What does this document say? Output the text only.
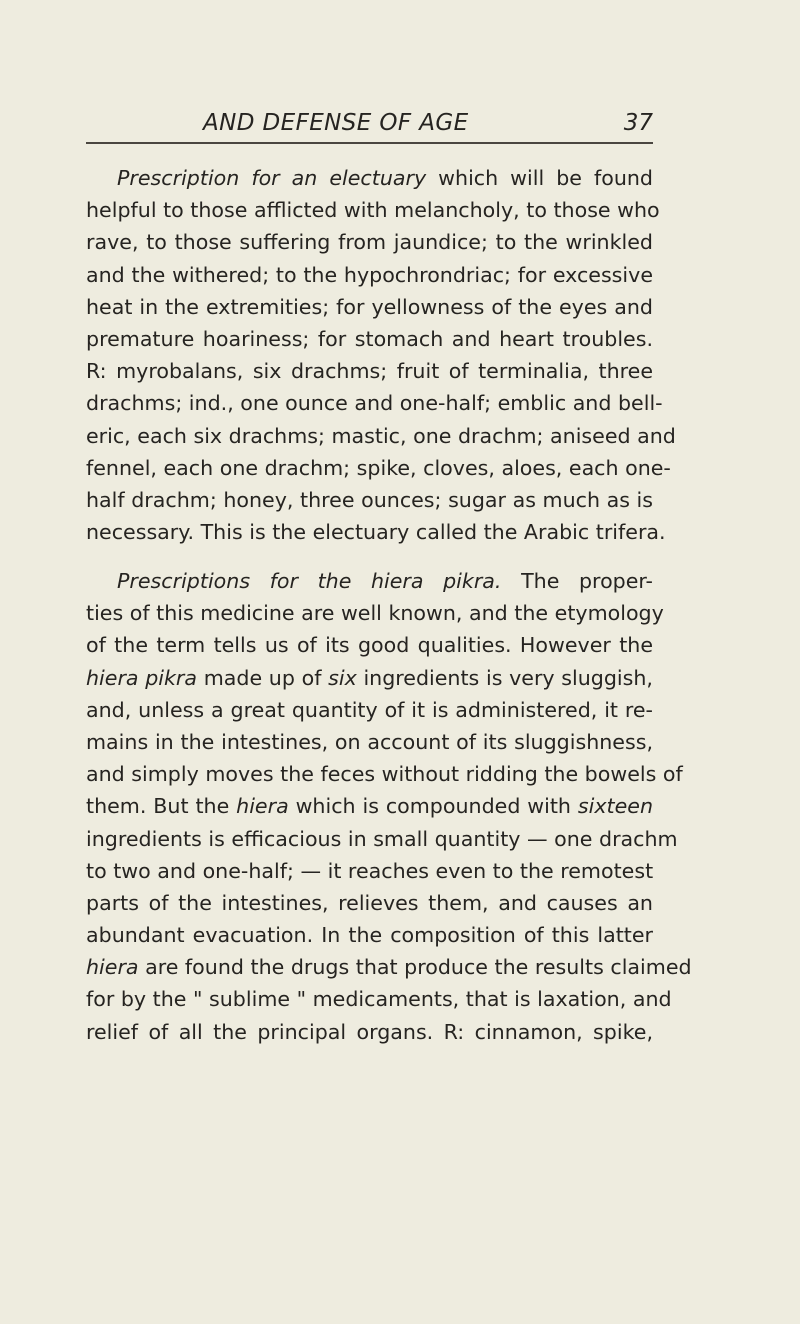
AND DEFENSE OF AGE	37
Prescription for an electuary which will be found
helpful to those afflicted with melancholy, to those who
rave, to those suffering from jaundice; to the wrinkled
and the withered; to the hypochrondriac; for excessive
heat in the extremities; for yellowness of the eyes and
premature hoariness; for stomach and heart troubles.
R: myrobalans, six drachms; fruit of terminalia, three
drachms; ind., one ounce and one-half; emblic and bell-
eric, each six drachms; mastic, one drachm; aniseed and
fennel, each one drachm; spike, cloves, aloes, each one-
half drachm; honey, three ounces; sugar as much as is
necessary. This is the electuary called the Arabic trifera.
Prescriptions for the hiera pikra. The proper-
ties of this medicine are well known, and the etymology
of the term tells us of its good qualities. However the
hiera pikra made up of six ingredients is very sluggish,
and, unless a great quantity of it is administered, it re-
mains in the intestines, on account of its sluggishness,
and simply moves the feces without ridding the bowels of
them. But the hiera which is compounded with sixteen
ingredients is efficacious in small quantity — one drachm
to two and one-half; — it reaches even to the remotest
parts of the intestines, relieves them, and causes an
abundant evacuation. In the composition of this latter
hiera are found the drugs that produce the results claimed
for by the " sublime " medicaments, that is laxation, and
relief of all the principal organs. R: cinnamon, spike,
